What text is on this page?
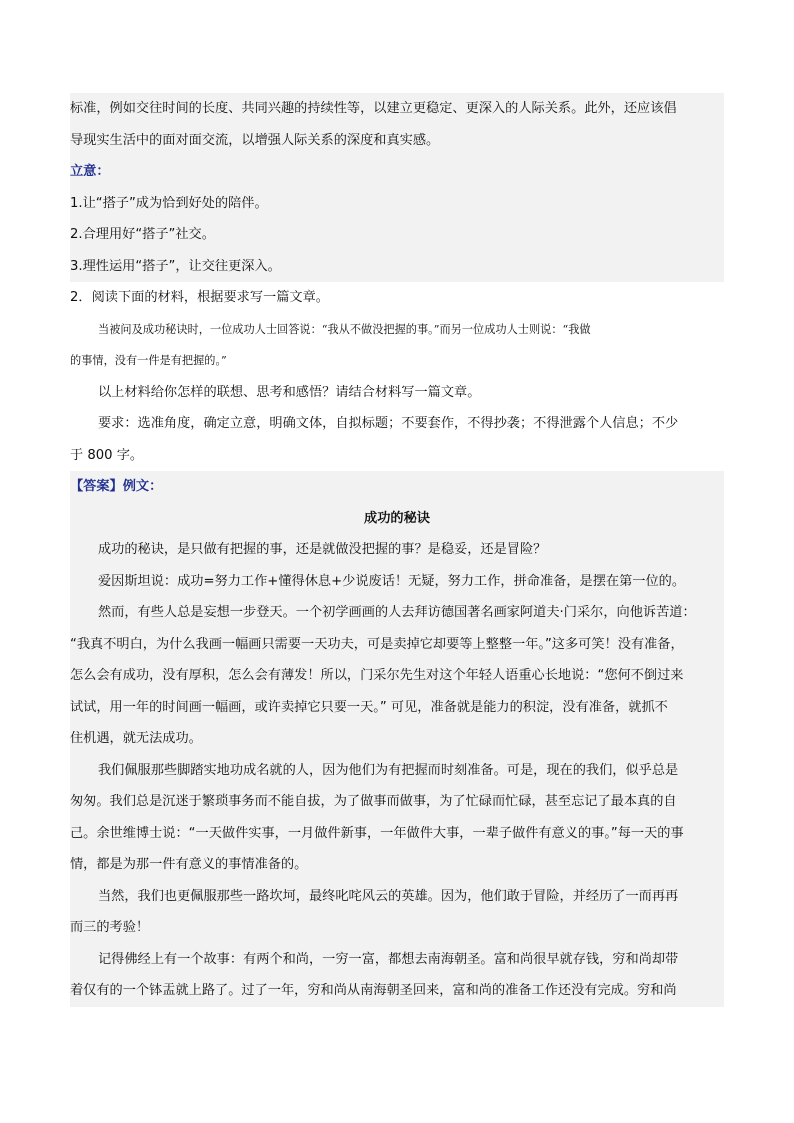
标准，例如交往时间的长度、共同兴趣的持续性等，以建立更稳定、更深入的人际关系。此外，还应该倡
导现实生活中的面对面交流，以增强人际关系的深度和真实感。
立意：
1.让“搭子”成为恰到好处的陪伴。
2.合理用好“搭子”社交。
3.理性运用“搭子”，让交往更深入。
2．阅读下面的材料，根据要求写一篇文章。
当被问及成功秘诀时，一位成功人士回答说：“我从不做没把握的事。”而另一位成功人士则说：“我做
的事情，没有一件是有把握的。”
以上材料给你怎样的联想、思考和感悟？请结合材料写一篇文章。
要求：选准角度，确定立意，明确文体，自拟标题；不要套作，不得抄袭；不得泄露个人信息；不少
于 800 字。
【答案】例文：
成功的秘诀
成功的秘诀，是只做有把握的事，还是就做没把握的事？是稳妥，还是冒险？
爱因斯坦说：成功=努力工作+懂得休息+少说废话！无疑，努力工作，拼命准备，是摆在第一位的。
然而，有些人总是妄想一步登天。一个初学画画的人去拜访德国著名画家阿道夫·门采尔，向他诉苦道：
“我真不明白，为什么我画一幅画只需要一天功夫，可是卖掉它却要等上整整一年。”这多可笑！没有准备，
怎么会有成功，没有厚积，怎么会有薄发！所以，门采尔先生对这个年轻人语重心长地说：“您何不倒过来
试试，用一年的时间画一幅画，或许卖掉它只要一天。” 可见，准备就是能力的积淀，没有准备，就抓不
住机遇，就无法成功。
我们佩服那些脚踏实地功成名就的人，因为他们为有把握而时刻准备。可是，现在的我们，似乎总是
匆匆。我们总是沉迷于繁琐事务而不能自拔，为了做事而做事，为了忙碌而忙碌，甚至忘记了最本真的自
己。余世维博士说：“一天做件实事，一月做件新事，一年做件大事，一辈子做件有意义的事。”每一天的事
情，都是为那一件有意义的事情准备的。
当然，我们也更佩服那些一路坎坷，最终叱咤风云的英雄。因为，他们敢于冒险，并经历了一而再再
而三的考验！
记得佛经上有一个故事：有两个和尚，一穷一富，都想去南海朝圣。富和尚很早就存钱，穷和尚却带
着仅有的一个钵盂就上路了。过了一年，穷和尚从南海朝圣回来，富和尚的准备工作还没有完成。穷和尚
